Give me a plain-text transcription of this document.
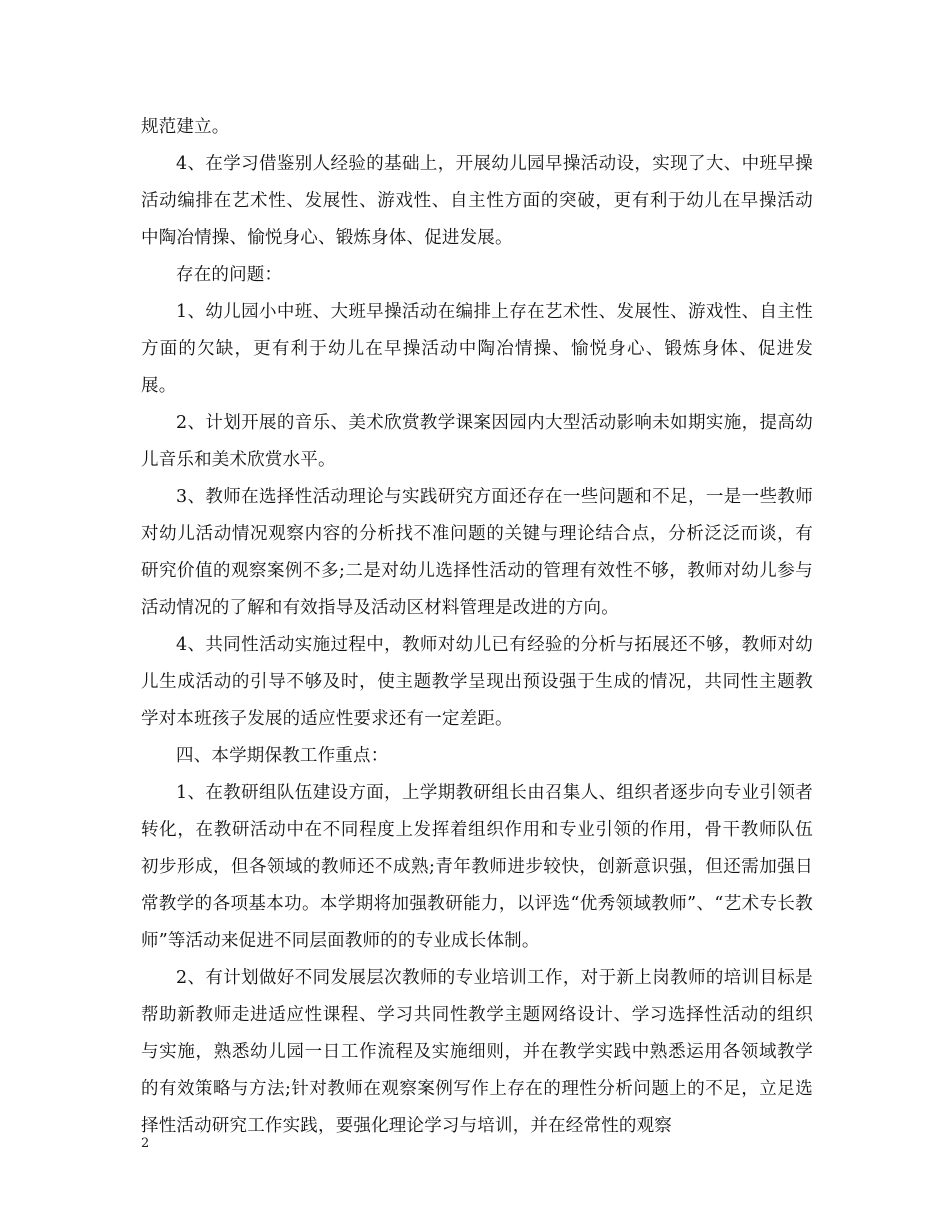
规范建立。

4、在学习借鉴别人经验的基础上，开展幼儿园早操活动设，实现了大、中班早操活动编排在艺术性、发展性、游戏性、自主性方面的突破，更有利于幼儿在早操活动中陶冶情操、愉悦身心、锻炼身体、促进发展。

存在的问题：

1、幼儿园小中班、大班早操活动在编排上存在艺术性、发展性、游戏性、自主性方面的欠缺，更有利于幼儿在早操活动中陶冶情操、愉悦身心、锻炼身体、促进发展。

2、计划开展的音乐、美术欣赏教学课案因园内大型活动影响未如期实施，提高幼儿音乐和美术欣赏水平。

3、教师在选择性活动理论与实践研究方面还存在一些问题和不足，一是一些教师对幼儿活动情况观察内容的分析找不准问题的关键与理论结合点，分析泛泛而谈，有研究价值的观察案例不多;二是对幼儿选择性活动的管理有效性不够，教师对幼儿参与活动情况的了解和有效指导及活动区材料管理是改进的方向。

4、共同性活动实施过程中，教师对幼儿已有经验的分析与拓展还不够，教师对幼儿生成活动的引导不够及时，使主题教学呈现出预设强于生成的情况，共同性主题教学对本班孩子发展的适应性要求还有一定差距。

四、本学期保教工作重点：

1、在教研组队伍建设方面，上学期教研组长由召集人、组织者逐步向专业引领者转化，在教研活动中在不同程度上发挥着组织作用和专业引领的作用，骨干教师队伍初步形成，但各领域的教师还不成熟;青年教师进步较快，创新意识强，但还需加强日常教学的各项基本功。本学期将加强教研能力，以评选“优秀领域教师”、“艺术专长教师”等活动来促进不同层面教师的的专业成长体制。

2、有计划做好不同发展层次教师的专业培训工作，对于新上岗教师的培训目标是帮助新教师走进适应性课程、学习共同性教学主题网络设计、学习选择性活动的组织与实施，熟悉幼儿园一日工作流程及实施细则，并在教学实践中熟悉运用各领域教学的有效策略与方法;针对教师在观察案例写作上存在的理性分析问题上的不足，立足选择性活动研究工作实践，要强化理论学习与培训，并在经常性的观察

2
